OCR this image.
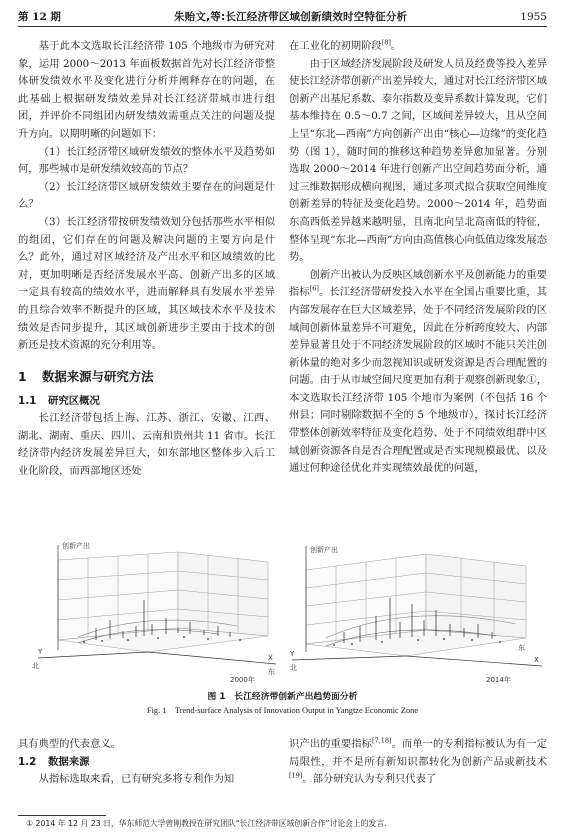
第 12 期	朱贻文,等:长江经济带区域创新绩效时空特征分析	1955

基于此本文选取长江经济带 105 个地级市为研究对象，运用 2000～2013 年面板数据首先对长江经济带整体研发绩效水平及变化进行分析并阐释存在的问题，在此基础上根据研发绩效差异对长江经济带城市进行组团，并评价不同组团内研发绩效需重点关注的问题及提升方向。以期明晰的问题如下：

（1）长江经济带区域研发绩效的整体水平及趋势如何，那些城市是研发绩效较高的节点？

（2）长江经济带区域研发绩效主要存在的问题是什么？

（3）长江经济带按研发绩效划分包括那些水平相似的组团，它们存在的问题及解决问题的主要方向是什么？此外，通过对区域经济及产出水平和区域绩效的比对，更加明晰是否经济发展水平高、创新产出多的区域一定具有较高的绩效水平，进而解释具有发展水平差异的且综合效率不断提升的区域，其区域技术水平及技术绩效是否同步提升，其区域创新进步主要由于技术的创新还是技术资源的充分利用等。

1 数据来源与研究方法
1.1 研究区概况

长江经济带包括上海、江苏、浙江、安徽、江西、湖北、湖南、重庆、四川、云南和贵州共 11 省市。长江经济带内经济发展差异巨大，如东部地区整体步入后工业化阶段，而西部地区还处

在工业化的初期阶段[8]。

由于区域经济发展阶段及研发人员及经费等投入差异使长江经济带创新产出差异较大，通过对长江经济带区域创新产出基尼系数、泰尔指数及变异系数计算发现，它们基本维持在 0.5～0.7 之间，区域间差异较大，且从空间上呈“东北—西南”方向创新产出由“核心—边缘”的变化趋势（图 1），随时间的推移这种趋势差异愈加显著。分别选取 2000～2014 年进行创新产出空间趋势面分析，通过三维数据形成横向视图，通过多项式拟合获取空间维度创新差异的特征及变化趋势。2000～2014 年，趋势面东高西低差异越来越明显，且南北向呈北高南低的特征，整体呈现“东北—西南”方向由高值核心向低值边缘发展态势。

创新产出被认为反映区域创新水平及创新能力的重要指标[6]。长江经济带研发投入水平在全国占重要比重，其内部发展存在巨大区域差异，处于不同经济发展阶段的区域间创新体量差异不可避免，因此在分析跨度较大、内部差异显著且处于不同经济发展阶段的区域时不能只关注创新体量的绝对多少而忽视知识或研发资源是否合理配置的问题。由于从市域空间尺度更加有利于观察创新现象①，本文选取长江经济带 105 个地市为案例（不包括 16 个州县；同时剔除数据不全的 5 个地级市），探讨长江经济带整体创新效率特征及变化趋势、处于不同绩效组群中区域创新资源各自是否合理配置或是否实现规模最优、以及通过何种途径优化并实现绩效最优的问题，

创新产出
Y
X
北
东
2000年
创新产出
Y
X
北
东
2014年
图 1　长江经济带创新产出趋势面分析
Fig. 1　Trend-surface Analysis of Innovation Output in Yangtze Economic Zone

具有典型的代表意义。

1.2 数据来源

从指标选取来看，已有研究多将专利作为知

识产出的重要指标[7,18]。而单一的专利指标被认为有一定局限性，并不是所有新知识都转化为创新产品或新技术[19]。部分研究认为专利只代表了

① 2014 年 12 月 23 日，华东师范大学曾刚教授在研究团队“长江经济带区域创新合作”讨论会上的发言.
